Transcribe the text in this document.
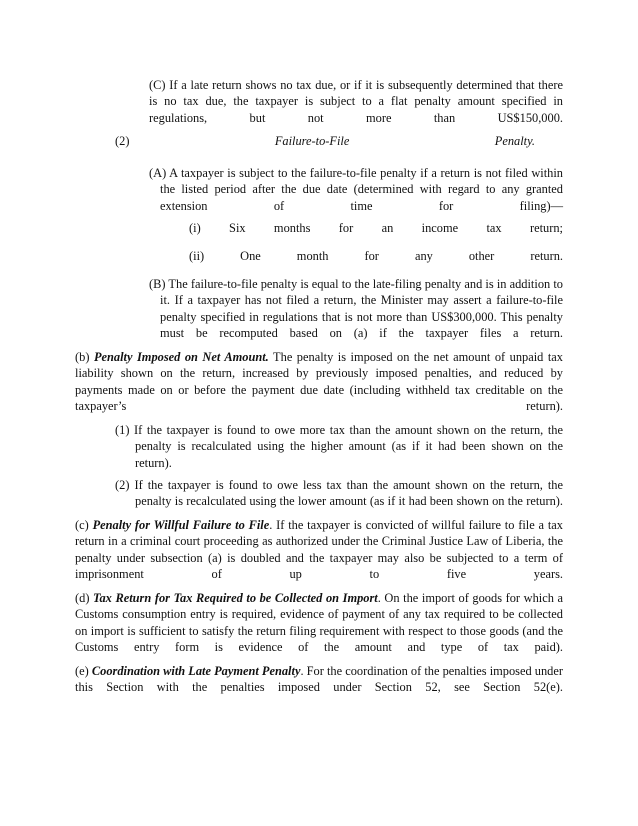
(C) If a late return shows no tax due, or if it is subsequently determined that there is no tax due, the taxpayer is subject to a flat penalty amount specified in regulations, but not more than US$150,000.

(2) Failure-to-File Penalty.

(A) A taxpayer is subject to the failure-to-file penalty if a return is not filed within the listed period after the due date (determined with regard to any granted extension of time for filing)—

(i) Six months for an income tax return;

(ii) One month for any other return.

(B) The failure-to-file penalty is equal to the late-filing penalty and is in addition to it. If a taxpayer has not filed a return, the Minister may assert a failure-to-file penalty specified in regulations that is not more than US$300,000. This penalty must be recomputed based on (a) if the taxpayer files a return.

(b) Penalty Imposed on Net Amount. The penalty is imposed on the net amount of unpaid tax liability shown on the return, increased by previously imposed penalties, and reduced by payments made on or before the payment due date (including withheld tax creditable on the taxpayer’s return).

(1) If the taxpayer is found to owe more tax than the amount shown on the return, the penalty is recalculated using the higher amount (as if it had been shown on the return).

(2) If the taxpayer is found to owe less tax than the amount shown on the return, the penalty is recalculated using the lower amount (as if it had been shown on the return).

(c) Penalty for Willful Failure to File. If the taxpayer is convicted of willful failure to file a tax return in a criminal court proceeding as authorized under the Criminal Justice Law of Liberia, the penalty under subsection (a) is doubled and the taxpayer may also be subjected to a term of imprisonment of up to five years.

(d) Tax Return for Tax Required to be Collected on Import. On the import of goods for which a Customs consumption entry is required, evidence of payment of any tax required to be collected on import is sufficient to satisfy the return filing requirement with respect to those goods (and the Customs entry form is evidence of the amount and type of tax paid).

(e) Coordination with Late Payment Penalty. For the coordination of the penalties imposed under this Section with the penalties imposed under Section 52, see Section 52(e).
